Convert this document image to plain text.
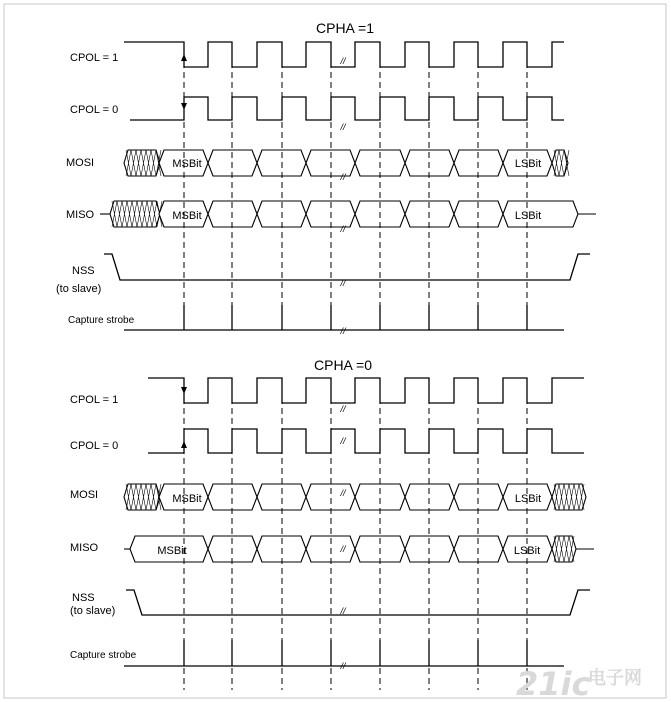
CPHA =1
CPOL = 1
CPOL = 0
MOSI
MISO
NSS
(to slave)
Capture strobe
MSBit	LSBit
MSBit	LSBit
CPHA =0
CPOL = 1
CPOL = 0
MOSI
MISO
NSS
(to slave)
Capture strobe
MSBit	LSBit
MSBit	LSBit
//
//
//
//
//
//
//
//
//
//
//
//	21ic
电子网
